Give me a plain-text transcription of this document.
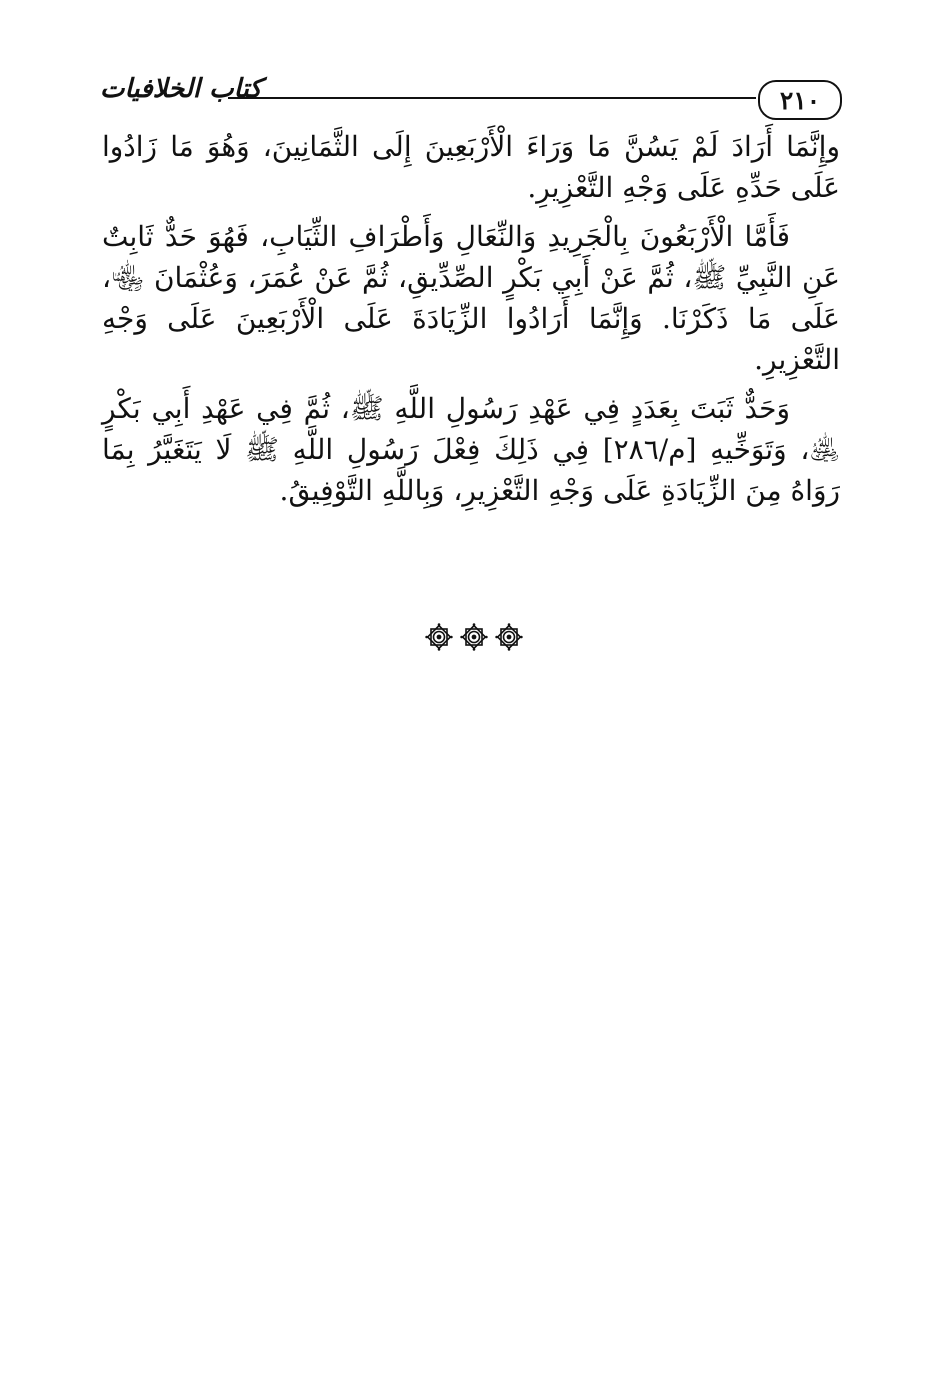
٢١٠
كتاب الخلافيات

وإِنَّمَا أَرَادَ لَمْ يَسُنَّ مَا وَرَاءَ الْأَرْبَعِينَ إِلَى الثَّمَانِينَ، وَهُوَ مَا زَادُوا عَلَى حَدِّهِ عَلَى وَجْهِ التَّعْزِيرِ.

فَأَمَّا الْأَرْبَعُونَ بِالْجَرِيدِ وَالنِّعَالِ وَأَطْرَافِ الثِّيَابِ، فَهُوَ حَدٌّ ثَابِتٌ عَنِ النَّبِيِّ ﷺ، ثُمَّ عَنْ أَبِي بَكْرٍ الصِّدِّيقِ، ثُمَّ عَنْ عُمَرَ، وَعُثْمَانَ ﵄، عَلَى مَا ذَكَرْنَا. وَإِنَّمَا أَرَادُوا الزِّيَادَةَ عَلَى الْأَرْبَعِينَ عَلَى وَجْهِ التَّعْزِيرِ.

وَحَدٌّ ثَبَتَ بِعَدَدٍ فِي عَهْدِ رَسُولِ اللَّهِ ﷺ، ثُمَّ فِي عَهْدِ أَبِي بَكْرٍ ﵁، وَتَوَخِّيهِ [م/٢٨٦] فِي ذَلِكَ فِعْلَ رَسُولِ اللَّهِ ﷺ لَا يَتَغَيَّرُ بِمَا رَوَاهُ مِنَ الزِّيَادَةِ عَلَى وَجْهِ التَّعْزِيرِ، وَبِاللَّهِ التَّوْفِيقُ.
